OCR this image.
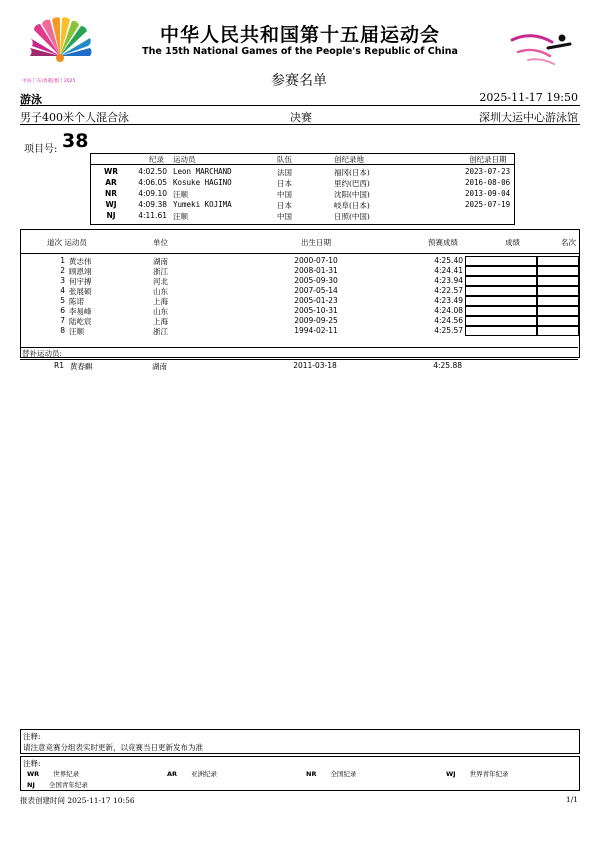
中国·广东|香港|澳门 2025
中华人民共和国第十五届运动会
The 15th National Games of the People's Republic of China
参赛名单
游泳	2025-11-17 19:50
男子400米个人混合泳	决赛	深圳大运中心游泳馆
项目号: 38
纪录 运动员	队伍	创纪录地	创纪录日期
WR	4:02.50 Leon MARCHAND	法国	福冈(日本)	2023-07-23
AR	4:06.05 Kosuke HAGINO	日本	里约(巴西)	2016-08-06
NR	4:09.10 汪顺	中国	沈阳(中国)	2013-09-04
WJ	4:09.38 Yumeki KOJIMA	日本	岐阜(日本)	2025-07-19
NJ	4:11.61 汪顺	中国	日照(中国)
道次 运动员	单位	出生日期	预赛成绩	成绩	名次
1 黄志伟	湖南	2000-07-10	4:25.40
2 顾恩翊	浙江	2008-01-31	4:24.41
3 何宇搏	河北	2005-09-30	4:23.94
4 张展硕	山东	2007-05-14	4:22.57
5 陈诺	上海	2005-01-23	4:23.49
6 李易峰	山东	2005-10-31	4:24.08
7 陆屹宸	上海	2009-09-25	4:24.56
8 汪顺	浙江	1994-02-11	4:25.57
替补运动员:
R1 黄春麒	湖南	2011-03-18	4:25.88
注释:
请注意竞赛分组表实时更新，以竞赛当日更新发布为准
注释:
WR 世界纪录	AR 亚洲纪录	NR 全国纪录	WJ 世界青年纪录
NJ 全国青年纪录
报表创建时间 2025-11-17 10:56	1/1
